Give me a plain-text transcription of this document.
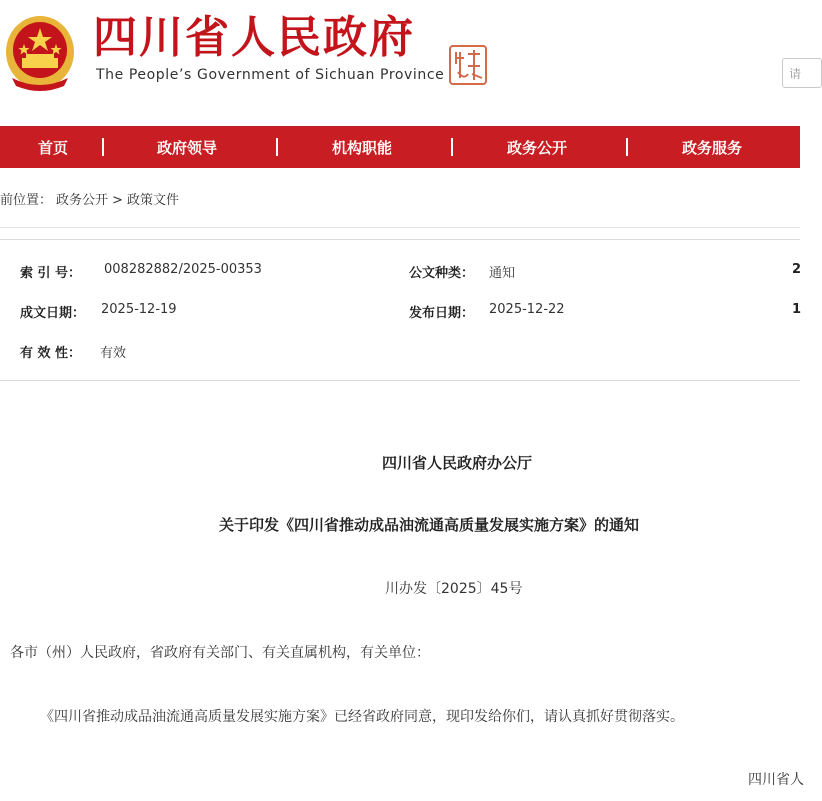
四川省人民政府
The People’s Government of Sichuan Province	请
首页	政府领导	机构职能	政务公开	政务服务
前位置： 政务公开 > 政策文件
索 引 号： 008282882/2025-00353	公文种类： 通知	2
成文日期： 2025-12-19	发布日期： 2025-12-22	1
有 效 性： 有效
四川省人民政府办公厅
关于印发《四川省推动成品油流通高质量发展实施方案》的通知
川办发〔2025〕45号
各市（州）人民政府，省政府有关部门、有关直属机构，有关单位：
《四川省推动成品油流通高质量发展实施方案》已经省政府同意，现印发给你们，请认真抓好贯彻落实。
四川省人
